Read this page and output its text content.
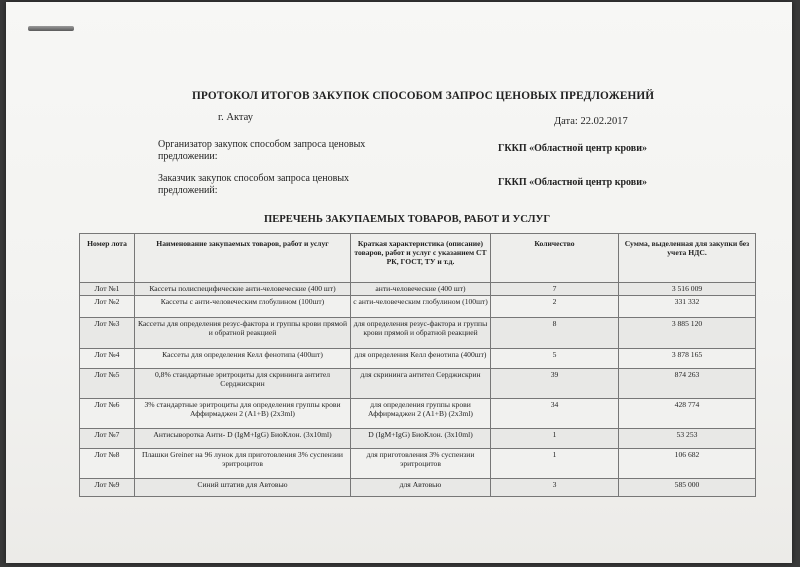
ПРОТОКОЛ ИТОГОВ ЗАКУПОК СПОСОБОМ ЗАПРОС ЦЕНОВЫХ ПРЕДЛОЖЕНИЙ
г. Актау	Дата: 22.02.2017
Организатор закупок способом запроса ценовых предложении:
ГККП «Областной центр крови»
Заказчик закупок способом запроса ценовых предложений:
ГККП «Областной центр крови»
ПЕРЕЧЕНЬ ЗАКУПАЕМЫХ ТОВАРОВ, РАБОТ И УСЛУГ
Номер лота	Наименование закупаемых товаров, работ и услуг	Краткая характеристика (описание) товаров, работ и услуг с указанием СТ РК, ГОСТ, ТУ и т.д.	Количество	Сумма, выделенная для закупки без учета НДС.
Лот №1	Кассеты полиспецифические анти-человеческие (400 шт)	анти-человеческие (400 шт)	7	3 516 009
Лот №2	Кассеты с анти-человеческим глобулином (100шт)	с анти-человеческим глобулином (100шт)	2	331 332
Лот №3	Кассеты для определения резус-фактора и группы крови прямой и обратной реакцией	для определения резус-фактора и группы крови прямой и обратной реакцией	8	3 885 120
Лот №4	Кассеты для определения Келл фенотипа (400шт)	для определения Келл фенотипа (400шт)	5	3 878 165
Лот №5	0,8% стандартные эритроциты для скрининга антител Серджискрин	для скрининга антител Серджискрин	39	874 263
Лот №6	3% стандартные эритроциты для определения группы крови Аффирмаджен 2 (А1+В) (2х3ml)	для определения группы крови Аффирмаджен 2 (А1+В) (2х3ml)	34	428 774
Лот №7	Антисыворотка Анти- D (IgM+IgG) БиоКлон. (3х10ml)	D (IgM+IgG) БиоКлон. (3х10ml)	1	53 253
Лот №8	Плашки Greiner на 96 лунок для приготовления 3% суспензии эритроцитов	для приготовления 3% суспензии эритроцитов	1	106 682
Лот №9	Синий штатив для Автовью	для Автовью	3	585 000
